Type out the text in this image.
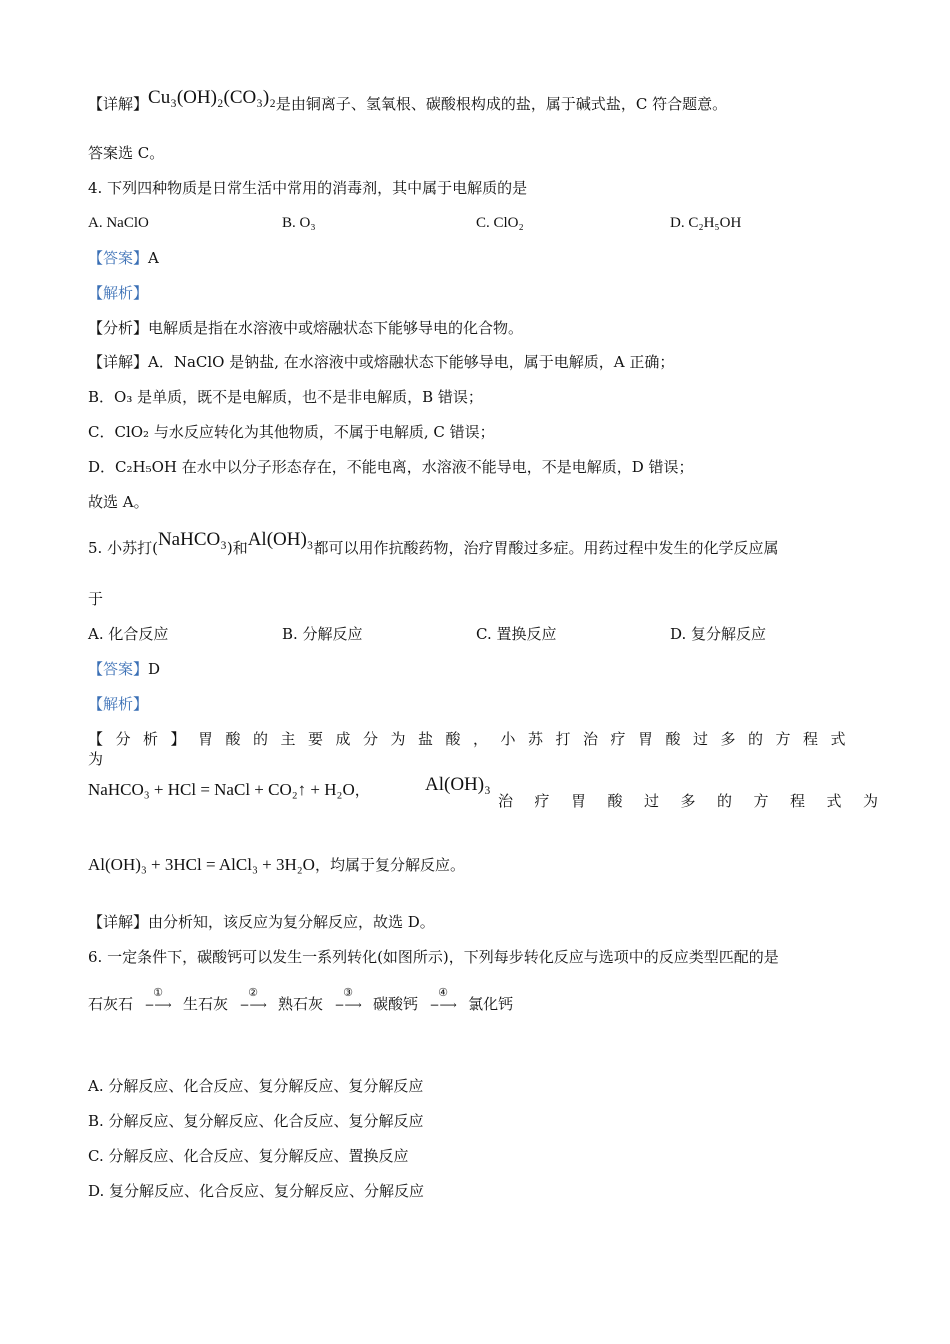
【详解】Cu₃(OH)₂(CO₃)₂是由铜离子、氢氧根、碳酸根构成的盐，属于碱式盐，C 符合题意。
答案选 C。
4. 下列四种物质是日常生活中常用的消毒剂，其中属于电解质的是
A. NaClO	B. O₃	C. ClO₂	D. C₂H₅OH
【答案】A
【解析】
【分析】电解质是指在水溶液中或熔融状态下能够导电的化合物。
【详解】A．NaClO 是钠盐, 在水溶液中或熔融状态下能够导电，属于电解质，A 正确；
B．O₃ 是单质，既不是电解质，也不是非电解质，B 错误；
C．ClO₂ 与水反应转化为其他物质，不属于电解质, C 错误；
D．C₂H₅OH 在水中以分子形态存在，不能电离，水溶液不能导电，不是电解质，D 错误；
故选 A。
5. 小苏打(NaHCO₃)和Al(OH)₃都可以用作抗酸药物，治疗胃酸过多症。用药过程中发生的化学反应属
于
A. 化合反应	B. 分解反应	C. 置换反应	D. 复分解反应
【答案】D
【解析】
【分析】胃酸的主要成分为盐酸，小苏打治疗胃酸过多的方程式为
NaHCO₃ + HCl = NaCl + CO₂↑ + H₂O，	Al(OH)₃
治疗胃酸过多的方程式为
Al(OH)₃ + 3HCl = AlCl₃ + 3H₂O，均属于复分解反应。
【详解】由分析知，该反应为复分解反应，故选 D。
6. 一定条件下，碳酸钙可以发生一系列转化(如图所示)，下列每步转化反应与选项中的反应类型匹配的是
石灰石
①
−⟶ 生石灰
②
−⟶ 熟石灰
③
−⟶ 碳酸钙
④
−⟶ 氯化钙
A. 分解反应、化合反应、复分解反应、复分解反应
B. 分解反应、复分解反应、化合反应、复分解反应
C. 分解反应、化合反应、复分解反应、置换反应
D. 复分解反应、化合反应、复分解反应、分解反应
